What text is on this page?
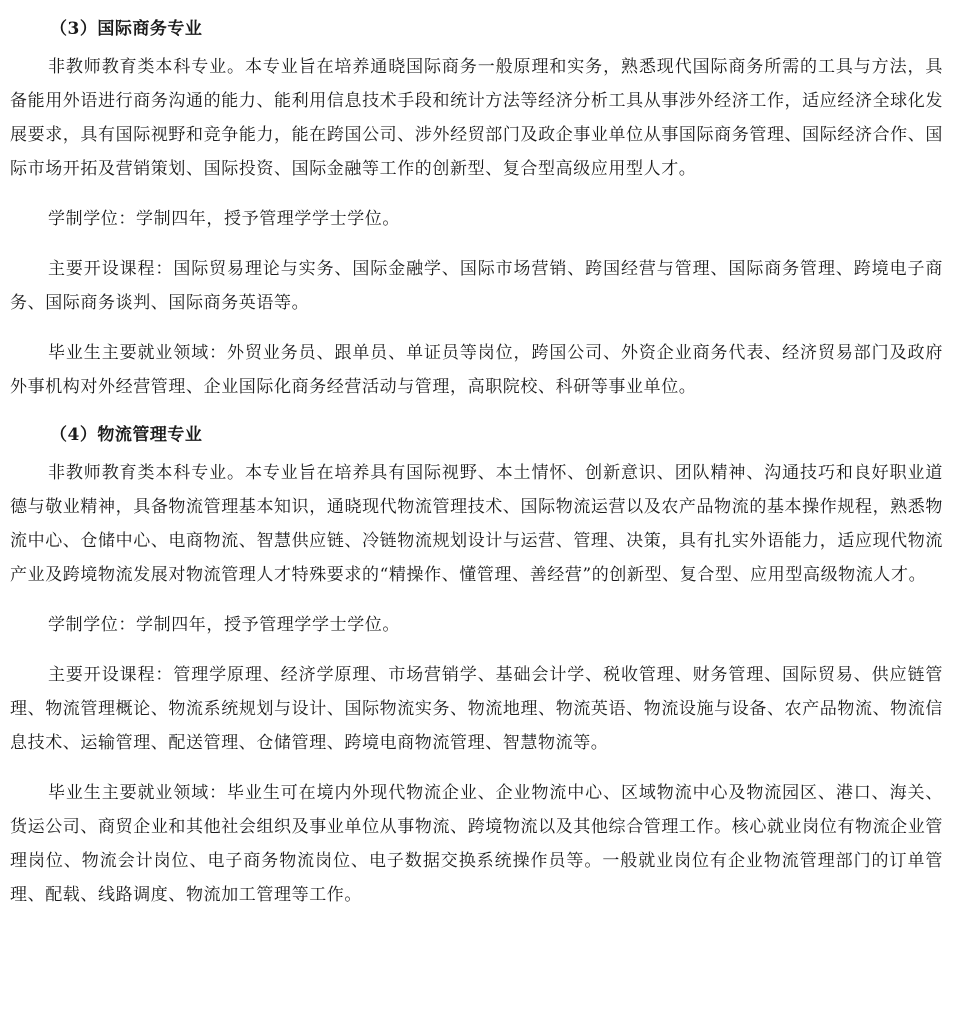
（3）国际商务专业

非教师教育类本科专业。本专业旨在培养通晓国际商务一般原理和实务，熟悉现代国际商务所需的工具与方法，具备能用外语进行商务沟通的能力、能利用信息技术手段和统计方法等经济分析工具从事涉外经济工作，适应经济全球化发展要求，具有国际视野和竞争能力，能在跨国公司、涉外经贸部门及政企事业单位从事国际商务管理、国际经济合作、国际市场开拓及营销策划、国际投资、国际金融等工作的创新型、复合型高级应用型人才。

学制学位：学制四年，授予管理学学士学位。

主要开设课程：国际贸易理论与实务、国际金融学、国际市场营销、跨国经营与管理、国际商务管理、跨境电子商务、国际商务谈判、国际商务英语等。

毕业生主要就业领域：外贸业务员、跟单员、单证员等岗位，跨国公司、外资企业商务代表、经济贸易部门及政府外事机构对外经营管理、企业国际化商务经营活动与管理，高职院校、科研等事业单位。

（4）物流管理专业

非教师教育类本科专业。本专业旨在培养具有国际视野、本土情怀、创新意识、团队精神、沟通技巧和良好职业道德与敬业精神，具备物流管理基本知识，通晓现代物流管理技术、国际物流运营以及农产品物流的基本操作规程，熟悉物流中心、仓储中心、电商物流、智慧供应链、冷链物流规划设计与运营、管理、决策，具有扎实外语能力，适应现代物流产业及跨境物流发展对物流管理人才特殊要求的“精操作、懂管理、善经营”的创新型、复合型、应用型高级物流人才。

学制学位：学制四年，授予管理学学士学位。

主要开设课程：管理学原理、经济学原理、市场营销学、基础会计学、税收管理、财务管理、国际贸易、供应链管理、物流管理概论、物流系统规划与设计、国际物流实务、物流地理、物流英语、物流设施与设备、农产品物流、物流信息技术、运输管理、配送管理、仓储管理、跨境电商物流管理、智慧物流等。

毕业生主要就业领域：毕业生可在境内外现代物流企业、企业物流中心、区域物流中心及物流园区、港口、海关、货运公司、商贸企业和其他社会组织及事业单位从事物流、跨境物流以及其他综合管理工作。核心就业岗位有物流企业管理岗位、物流会计岗位、电子商务物流岗位、电子数据交换系统操作员等。一般就业岗位有企业物流管理部门的订单管理、配载、线路调度、物流加工管理等工作。
